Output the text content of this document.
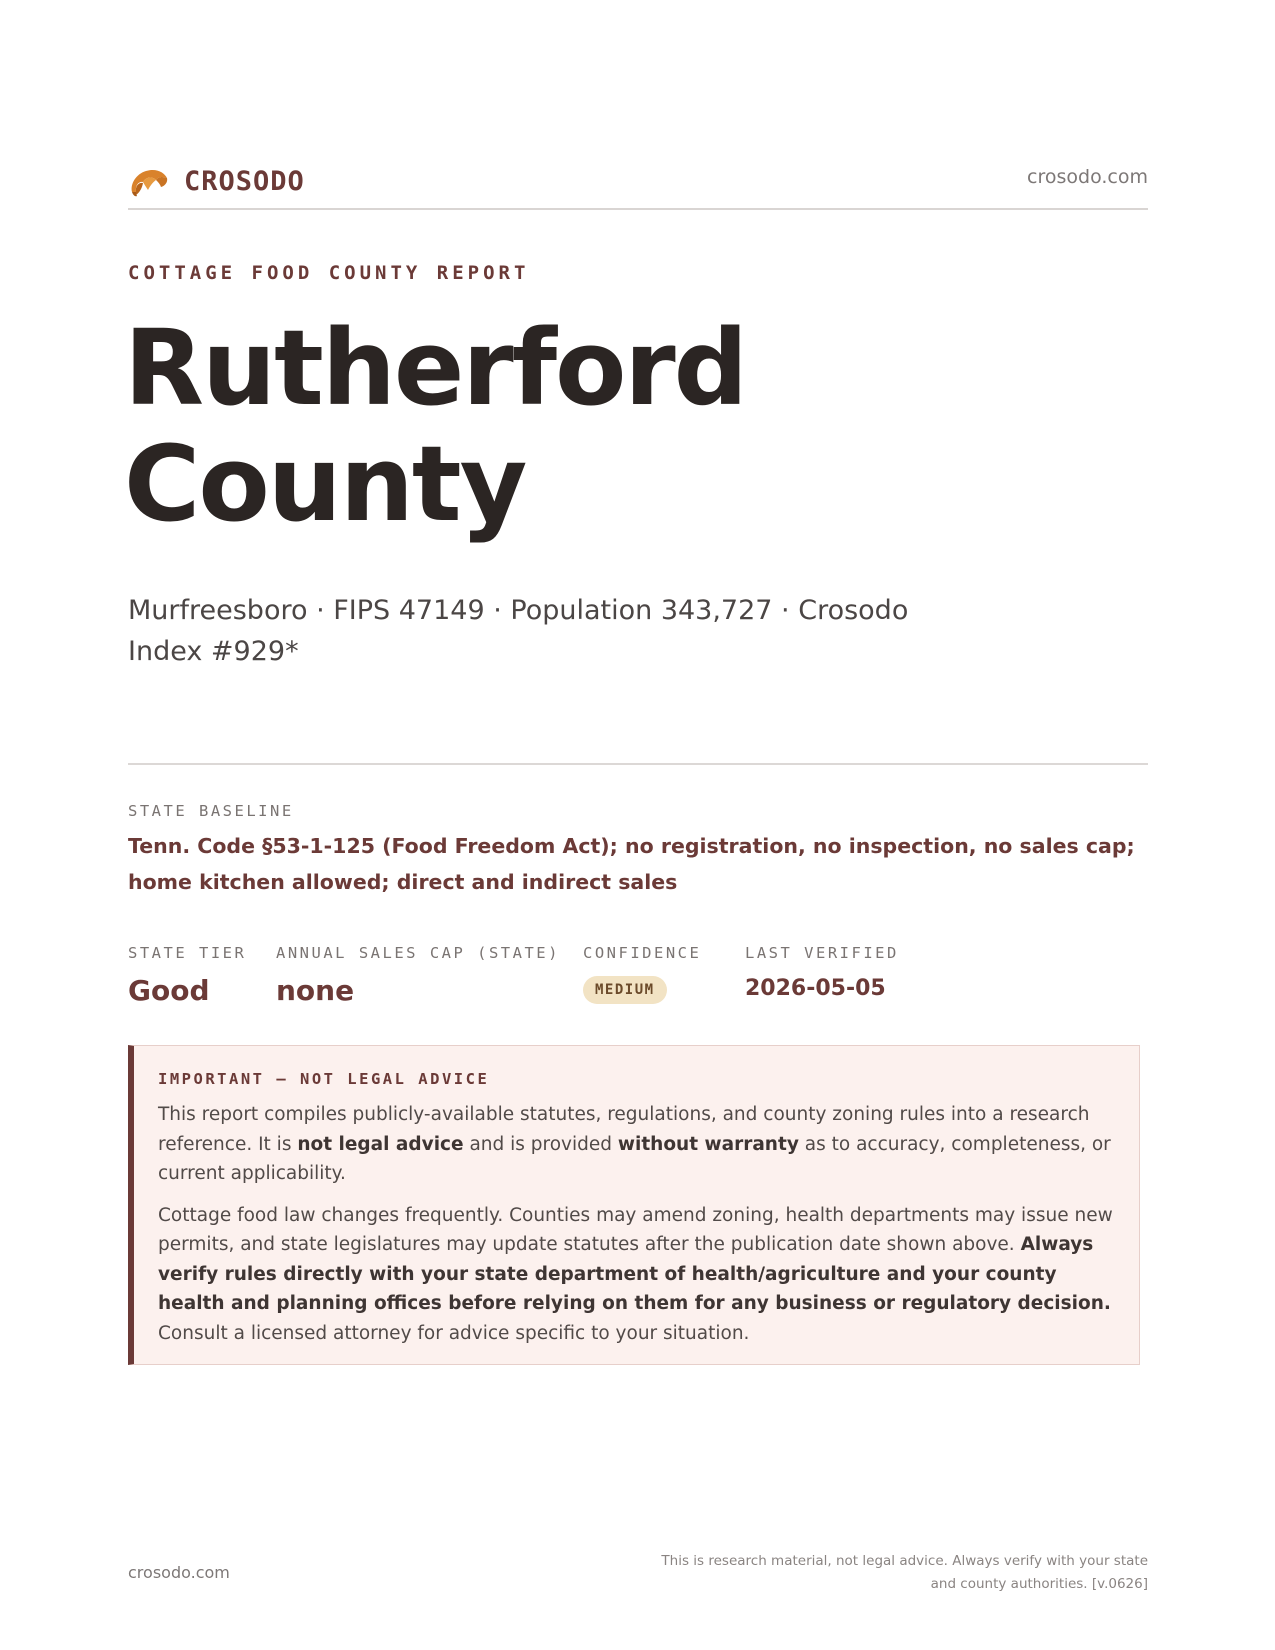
CROSODO	crosodo.com
COTTAGE FOOD COUNTY REPORT
Rutherford
County
Murfreesboro · FIPS 47149 · Population 343,727 · Crosodo Index #929*
STATE BASELINE
Tenn. Code §53-1-125 (Food Freedom Act); no registration, no inspection, no sales cap; home kitchen allowed; direct and indirect sales
STATE TIER
Good
ANNUAL SALES CAP (STATE)
none
CONFIDENCE
MEDIUM
LAST VERIFIED
2026-05-05
IMPORTANT — NOT LEGAL ADVICE

This report compiles publicly-available statutes, regulations, and county zoning rules into a research reference. It is not legal advice and is provided without warranty as to accuracy, completeness, or current applicability.

Cottage food law changes frequently. Counties may amend zoning, health departments may issue new permits, and state legislatures may update statutes after the publication date shown above. Always verify rules directly with your state department of health/agriculture and your county health and planning offices before relying on them for any business or regulatory decision. Consult a licensed attorney for advice specific to your situation.

crosodo.com
This is research material, not legal advice. Always verify with your state
and county authorities. [v.0626]
